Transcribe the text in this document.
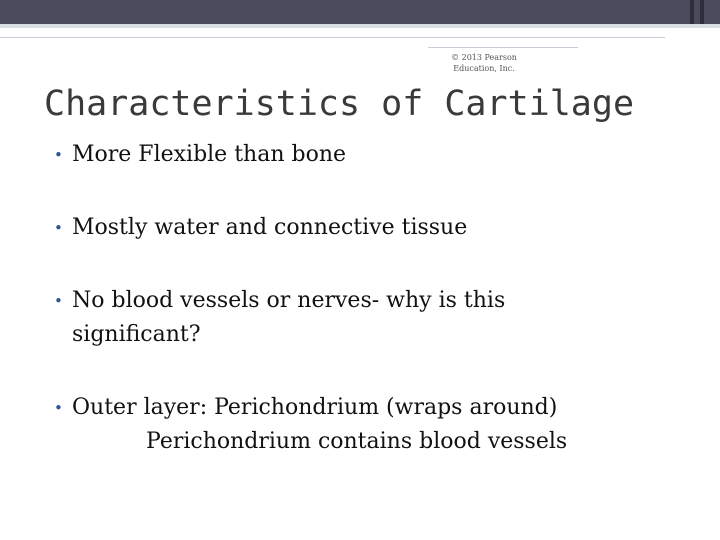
© 2013 Pearson
Education, Inc.
Characteristics of Cartilage
• More Flexible than bone
• Mostly water and connective tissue
• No blood vessels or nerves- why is this
significant?
• Outer layer: Perichondrium (wraps around)
Perichondrium contains blood vessels
